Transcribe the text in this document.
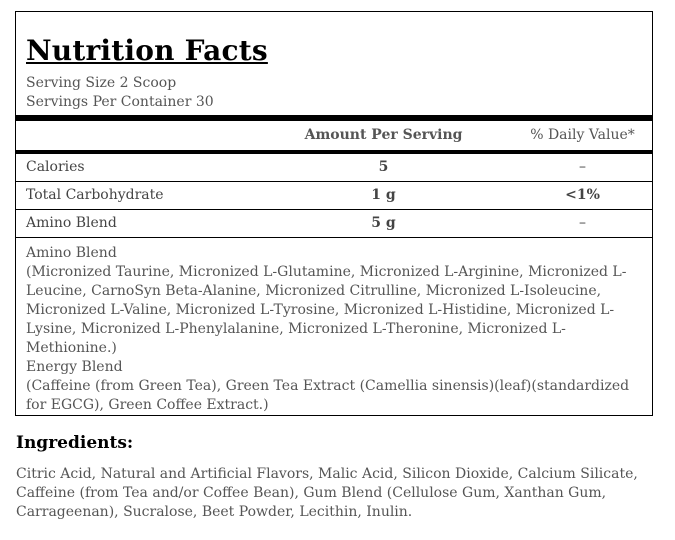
Nutrition Facts
Serving Size 2 Scoop
Servings Per Container 30
Amount Per Serving	% Daily Value*
Calories	5	–
Total Carbohydrate	1 g	<1%
Amino Blend	5 g	–
Amino Blend
(Micronized Taurine, Micronized L-Glutamine, Micronized L-Arginine, Micronized L-Leucine, CarnoSyn Beta-Alanine, Micronized Citrulline, Micronized L-Isoleucine, Micronized L-Valine, Micronized L-Tyrosine, Micronized L-Histidine, Micronized L-Lysine, Micronized L-Phenylalanine, Micronized L-Theronine, Micronized L-Methionine.)
Energy Blend
(Caffeine (from Green Tea), Green Tea Extract (Camellia sinensis)(leaf)(standardized for EGCG), Green Coffee Extract.)
Ingredients:
Citric Acid, Natural and Artificial Flavors, Malic Acid, Silicon Dioxide, Calcium Silicate, Caffeine (from Tea and/or Coffee Bean), Gum Blend (Cellulose Gum, Xanthan Gum, Carrageenan), Sucralose, Beet Powder, Lecithin, Inulin.
